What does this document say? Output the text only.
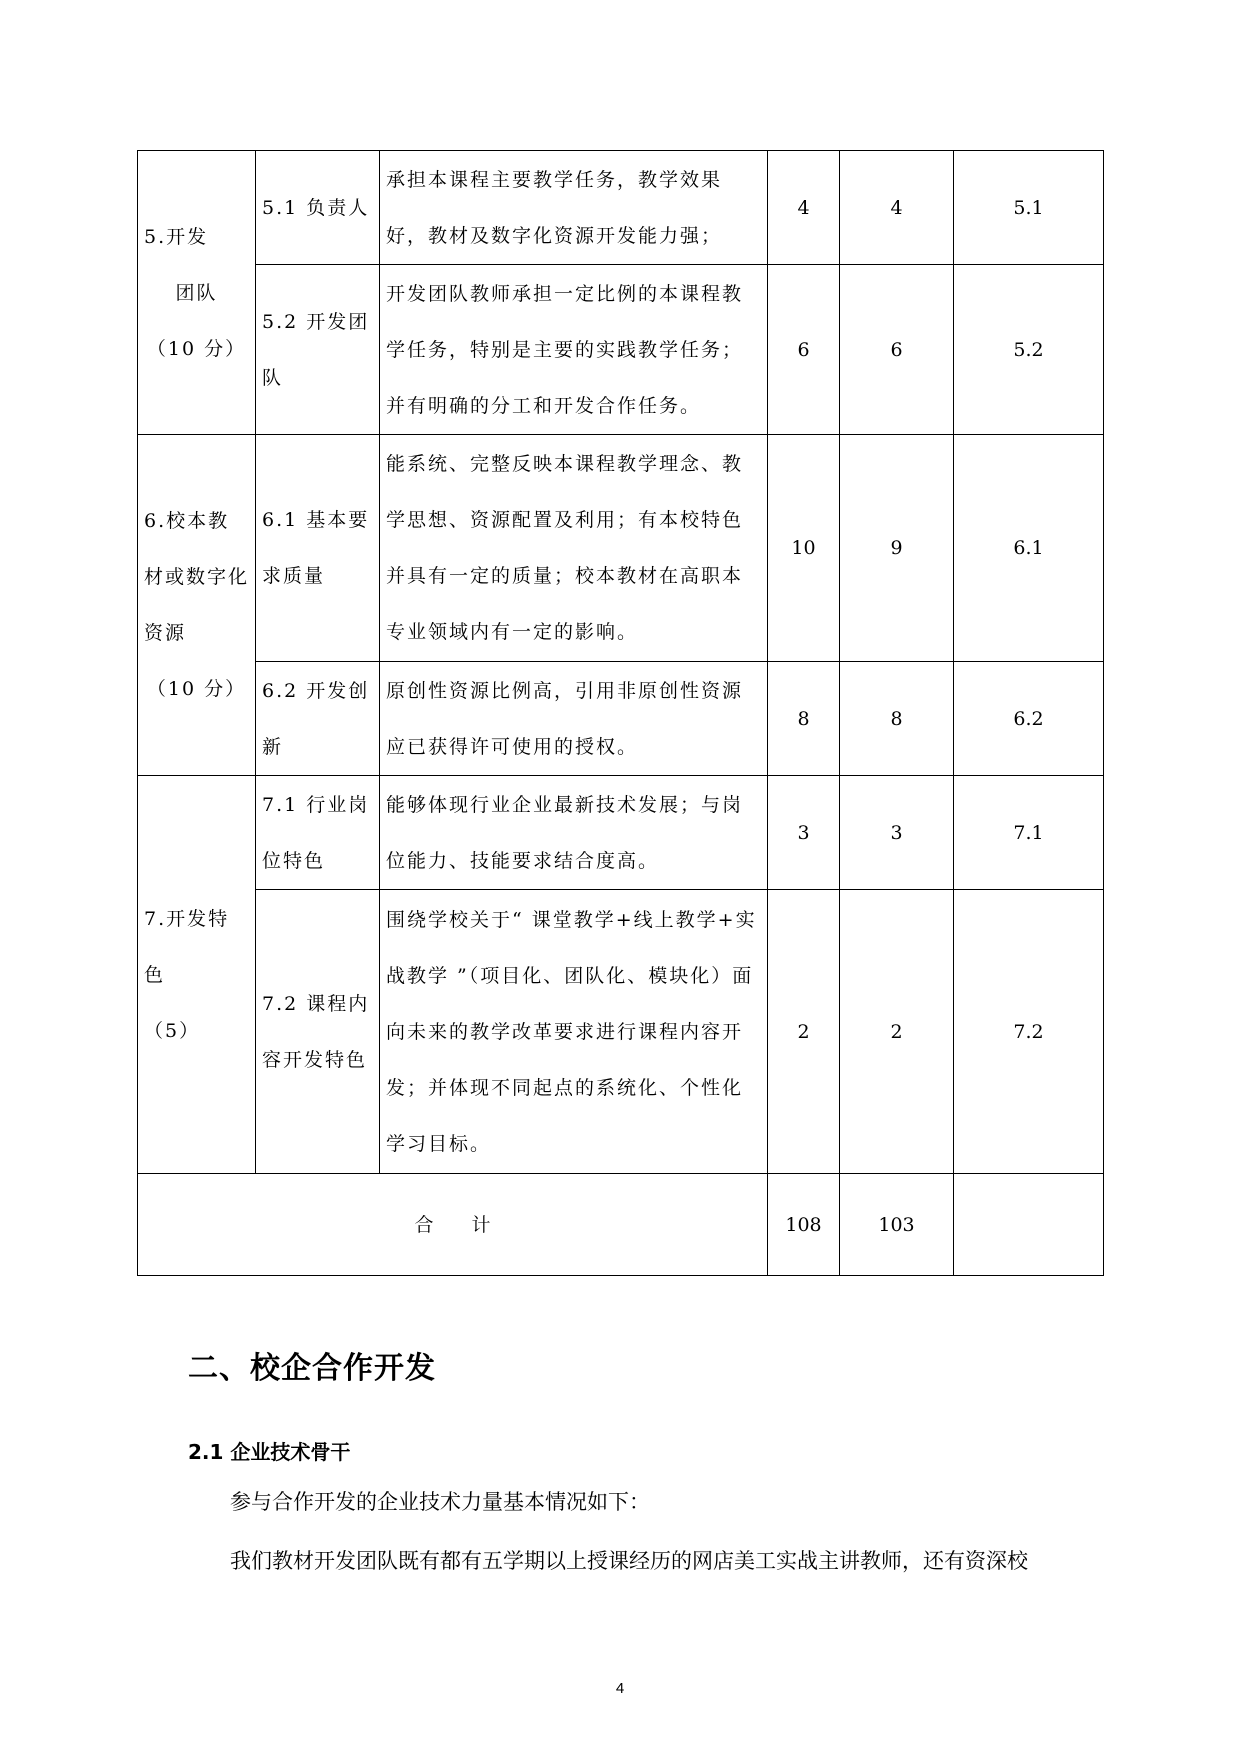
5.开发

团队
（10 分）	5.1 负责人	承担本课程主要教学任务，教学效果好，教材及数字化资源开发能力强；	4	4	5.1
	5.2 开发团队	开发团队教师承担一定比例的本课程教学任务，特别是主要的实践教学任务；并有明确的分工和开发合作任务。	6	6	5.2
6.校本教材或数字化资源
（10 分）	6.1 基本要求质量	能系统、完整反映本课程教学理念、教学思想、资源配置及利用；有本校特色并具有一定的质量；校本教材在高职本专业领域内有一定的影响。	10	9	6.1
	6.2 开发创新	原创性资源比例高，引用非原创性资源应已获得许可使用的授权。	8	8	6.2
7.开发特色
（5）	7.1 行业岗位特色	能够体现行业企业最新技术发展；与岗位能力、技能要求结合度高。	3	3	7.1
	7.2 课程内容开发特色	围绕学校关于“ 课堂教学+线上教学+实战教学 ”（项目化、团队化、模块化）面向未来的教学改革要求进行课程内容开发；并体现不同起点的系统化、个性化学习目标。	2	2	7.2
合　　计			108	103	
二、校企合作开发
2.1 企业技术骨干
参与合作开发的企业技术力量基本情况如下：
我们教材开发团队既有都有五学期以上授课经历的网店美工实战主讲教师，还有资深校
4
